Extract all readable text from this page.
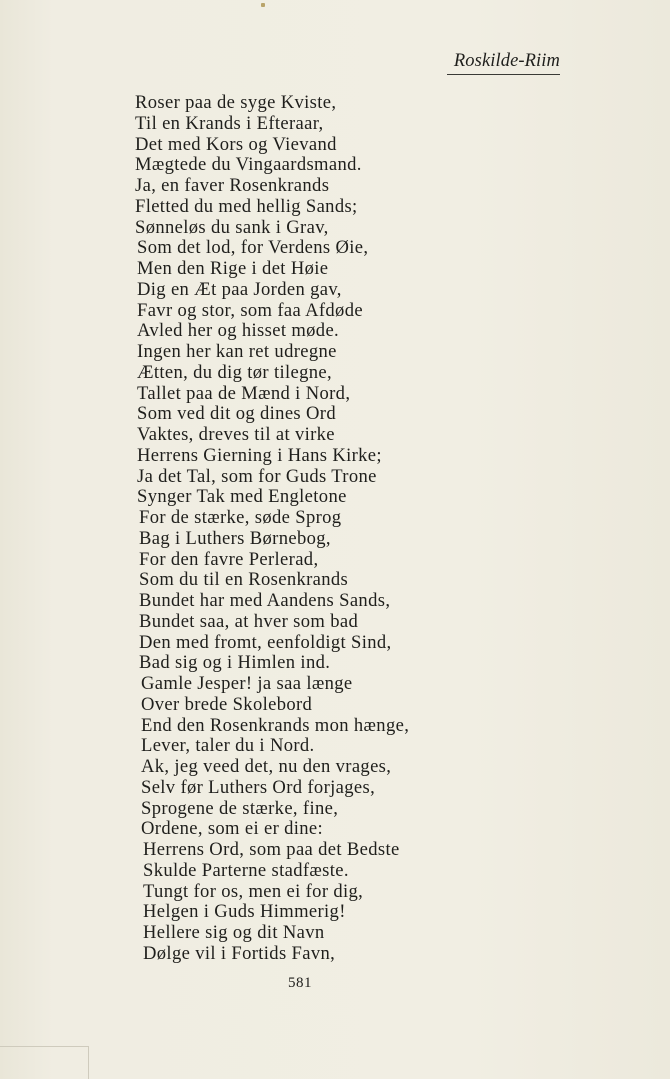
Roskilde-Riim
Roser paa de syge Kviste,
Til en Krands i Efteraar,
Det med Kors og Vievand
Mægtede du Vingaardsmand.
Ja, en faver Rosenkrands
Fletted du med hellig Sands;
Sønneløs du sank i Grav,
Som det lod, for Verdens Øie,
Men den Rige i det Høie
Dig en Æt paa Jorden gav,
Favr og stor, som faa Afdøde
Avled her og hisset møde.
Ingen her kan ret udregne
Ætten, du dig tør tilegne,
Tallet paa de Mænd i Nord,
Som ved dit og dines Ord
Vaktes, dreves til at virke
Herrens Gierning i Hans Kirke;
Ja det Tal, som for Guds Trone
Synger Tak med Engletone
For de stærke, søde Sprog
Bag i Luthers Børnebog,
For den favre Perlerad,
Som du til en Rosenkrands
Bundet har med Aandens Sands,
Bundet saa, at hver som bad
Den med fromt, eenfoldigt Sind,
Bad sig og i Himlen ind.
Gamle Jesper! ja saa længe
Over brede Skolebord
End den Rosenkrands mon hænge,
Lever, taler du i Nord.
Ak, jeg veed det, nu den vrages,
Selv før Luthers Ord forjages,
Sprogene de stærke, fine,
Ordene, som ei er dine:
Herrens Ord, som paa det Bedste
Skulde Parterne stadfæste.
Tungt for os, men ei for dig,
Helgen i Guds Himmerig!
Hellere sig og dit Navn
Dølge vil i Fortids Favn,
581
